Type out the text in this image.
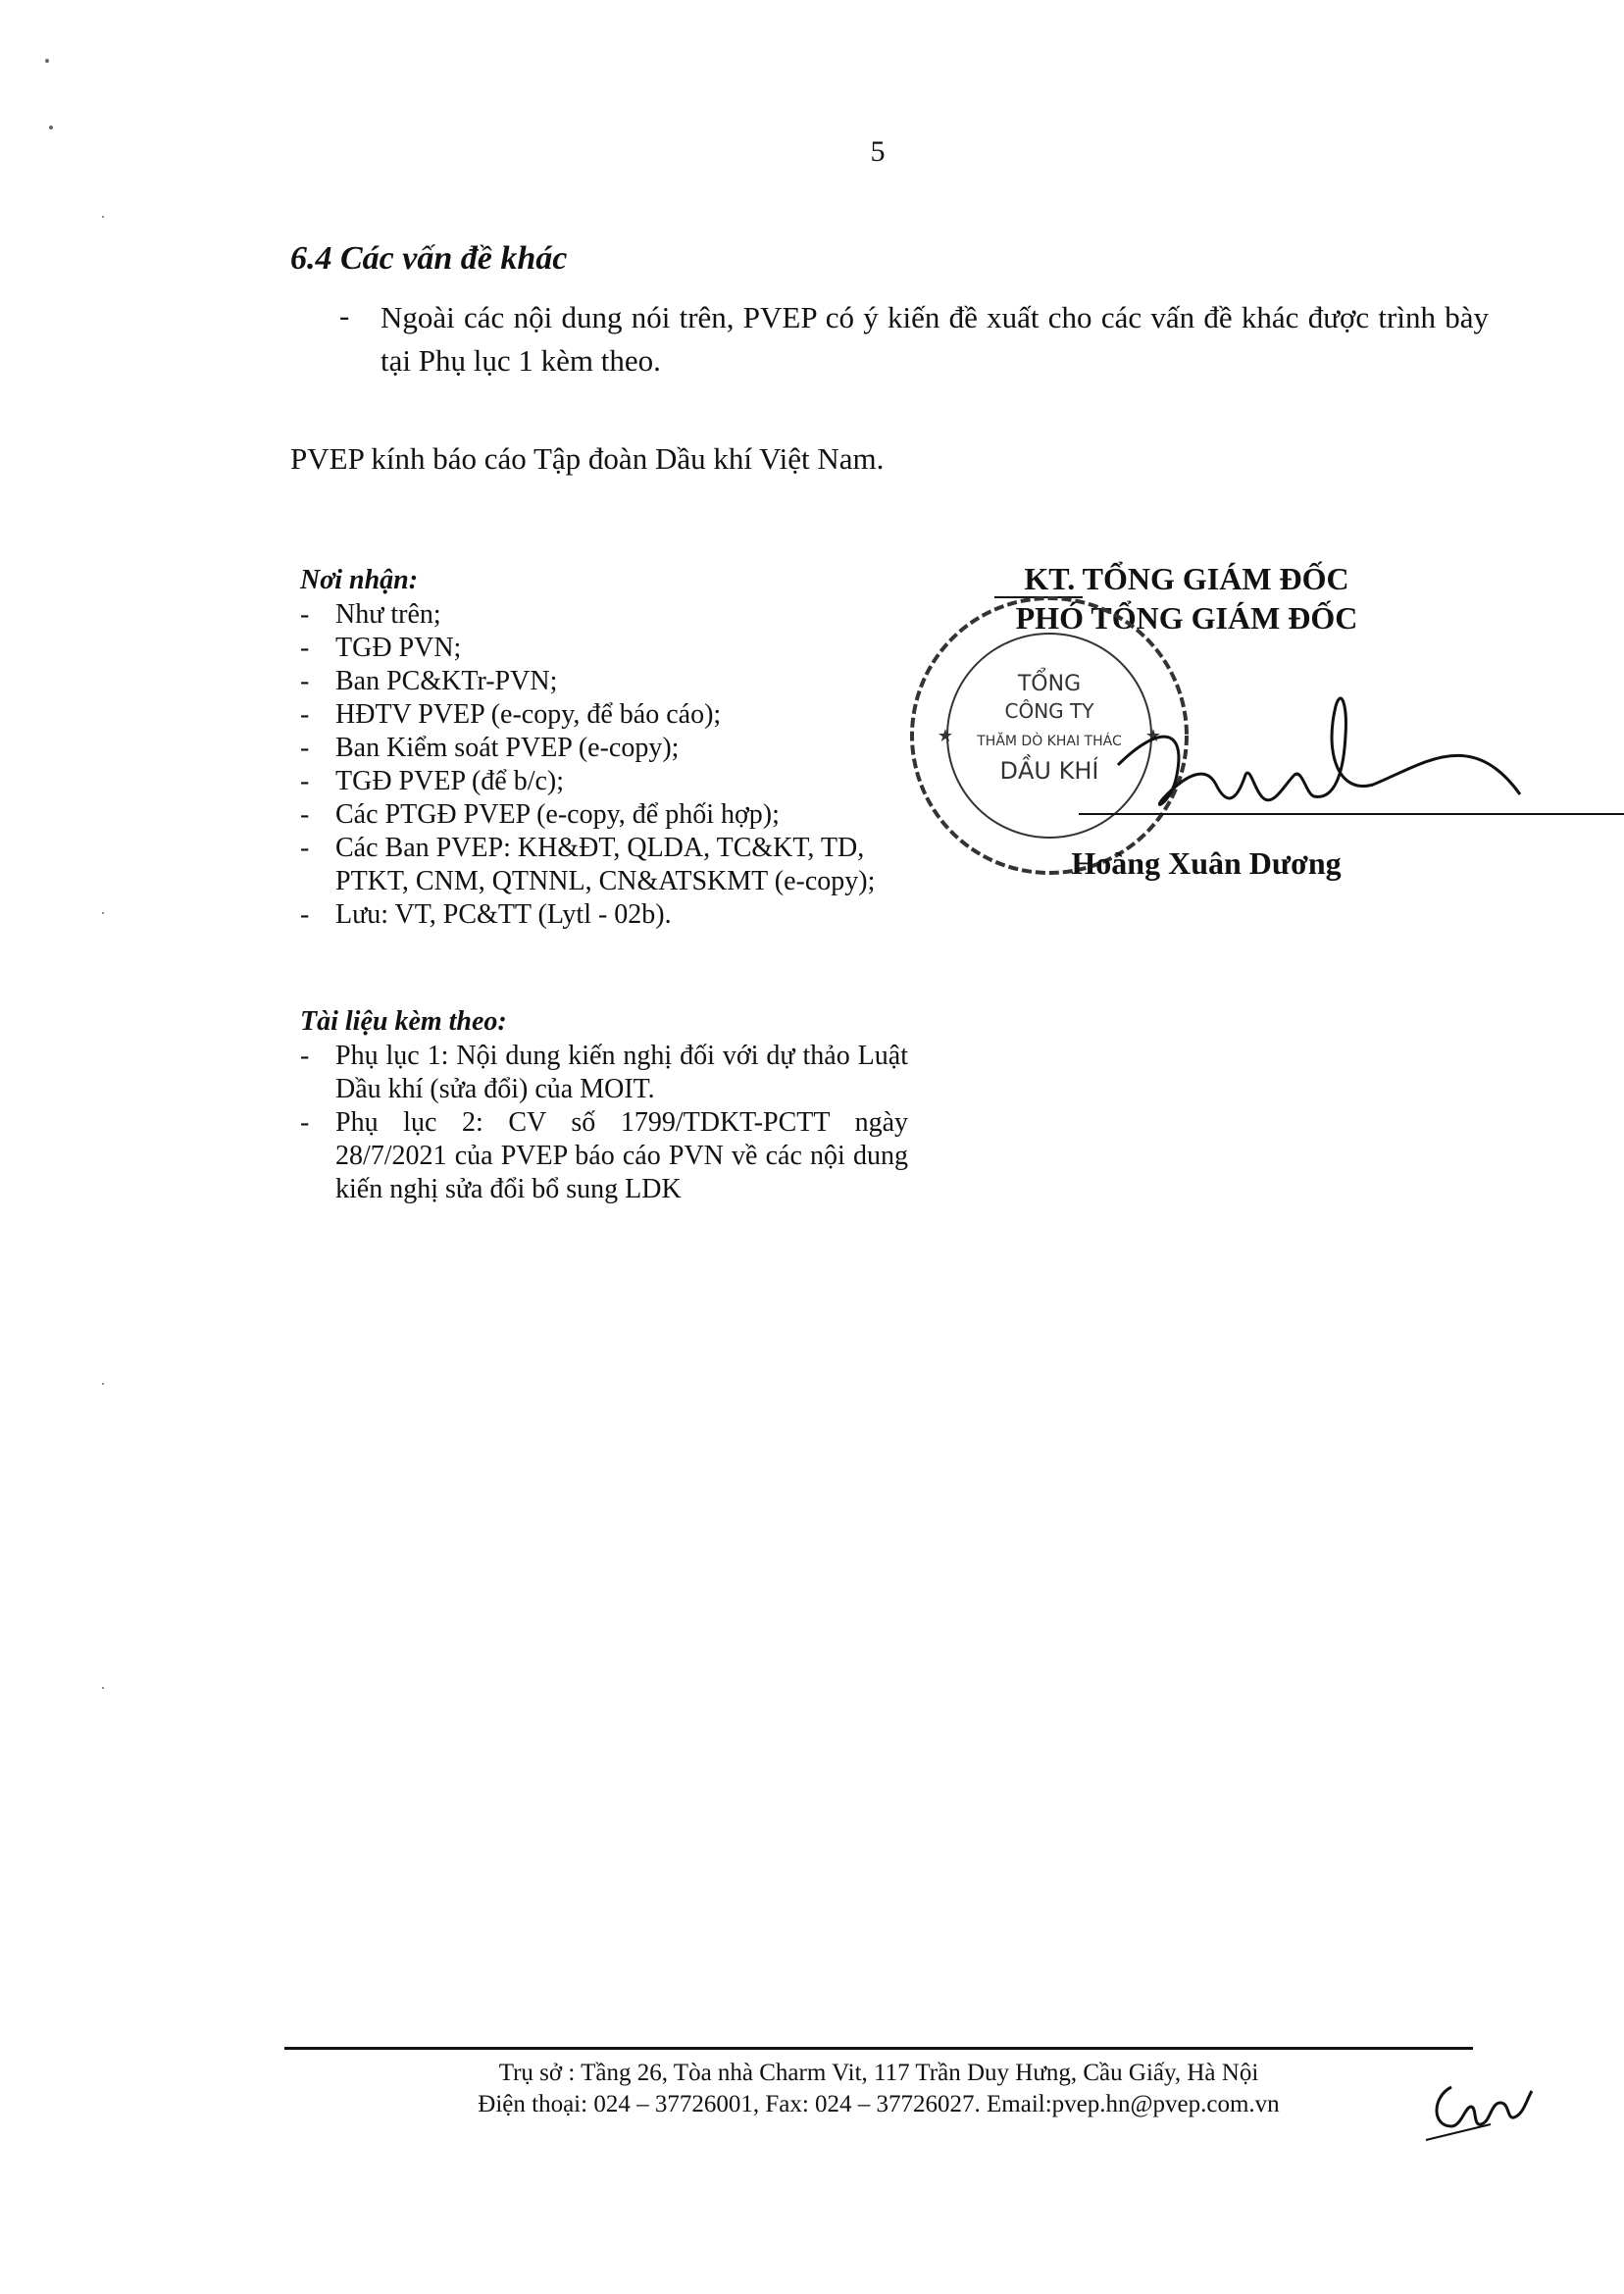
5
6.4 Các vấn đề khác
- Ngoài các nội dung nói trên, PVEP có ý kiến đề xuất cho các vấn đề khác được trình bày tại Phụ lục 1 kèm theo.
PVEP kính báo cáo Tập đoàn Dầu khí Việt Nam.
Nơi nhận:
- Như trên;
- TGĐ PVN;
- Ban PC&KTr-PVN;
- HĐTV PVEP (e-copy, để báo cáo);
- Ban Kiểm soát PVEP (e-copy);
- TGĐ PVEP (để b/c);
- Các PTGĐ PVEP (e-copy, để phối hợp);
- Các Ban PVEP: KH&ĐT, QLDA, TC&KT, TD, PTKT, CNM, QTNNL, CN&ATSKMT (e-copy);
- Lưu: VT, PC&TT (Lytl - 02b).
Tài liệu kèm theo:
- Phụ lục 1: Nội dung kiến nghị đối với dự thảo Luật Dầu khí (sửa đổi) của MOIT.
- Phụ lục 2: CV số 1799/TDKT-PCTT ngày 28/7/2021 của PVEP báo cáo PVN về các nội dung kiến nghị sửa đổi bổ sung LDK
KT. TỔNG GIÁM ĐỐC
PHÓ TỔNG GIÁM ĐỐC
TỔNG
CÔNG TY
THĂM DÒ KHAI THÁC
DẦU KHÍ
★	★
Hoàng Xuân Dương
Trụ sở : Tầng 26, Tòa nhà Charm Vit, 117 Trần Duy Hưng, Cầu Giấy, Hà Nội
Điện thoại: 024 – 37726001, Fax: 024 – 37726027. Email:pvep.hn@pvep.com.vn
